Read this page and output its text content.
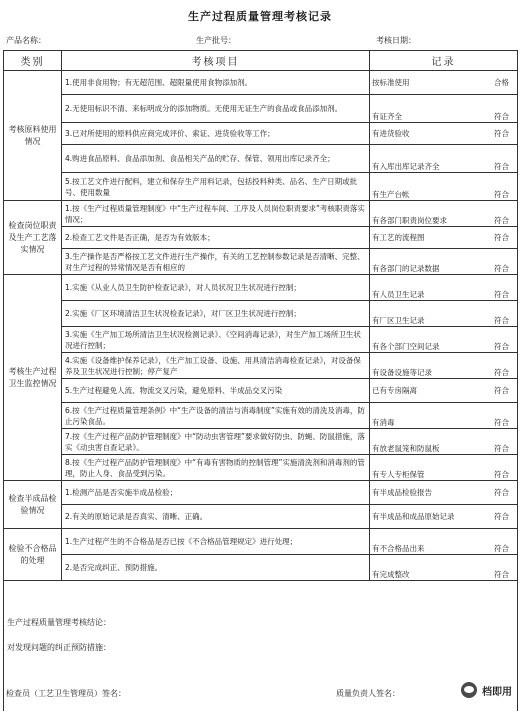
生产过程质量管理考核记录
产品名称：	生产批号：	考核日期：
类别	考核项目	记录
考核原料使用情况	1.使用非食用物；有无超范围、超限量使用食物添加剂。	按标准使用 合格

	2.无使用标识不清、来标明成分的添加物质。无使用无证生产的食品或食品添加剂。	有证齐全 符合

	3.已对所使用的原料供应商完成评价、索证、进货验收等工作；	有进货验收 符合

	4.购进食品原料、食品添加剂、食品相关产品的贮存、保管、领用出库记录齐全；	有入库出库记录齐全 符合

	5.按工艺文件进行配料，建立和保存生产用料记录，包括投料种类、品名、生产日期或批号、使用数量	有生产台帐 符合

检查岗位职责及生产工艺落实情况	1.按《生产过程质量管理制度》中“生产过程车间、工序及人员岗位职责要求”考核职责落实情况；	有各部门职责岗位要求 符合

	2.检查工艺文件是否正确，是否为有效版本；	有工艺的流程图 符合

	3.生产操作是否严格按工艺文件进行生产操作，有关的工艺控制参数记录是否清晰、完整、对生产过程的异常情况是否有相应的	有各部门的记录数据 符合

考核生产过程卫生监控情况	1.实施《从业人员卫生防护检查记录》，对人员状况卫生状况进行控制；	有人员卫生记录 符合

	2.实施《厂区环境清洁卫生状况检查记录》，对厂区卫生状况进行控制；	有厂区卫生记录 符合

	3.实施《生产加工场所清洁卫生状况检测记录》、《空间消毒记录》，对生产加工场所卫生状况进行控制；	有各个部门空间记录 符合

	4.实施《设备维护保养记录》，《生产加工设备、设施、用具清洁消毒检查记录》，对设备保养及卫生状况进行控制；停产复产	有设备设施等记录 符合

	5.生产过程避免人流、物流交叉污染，避免原料、半成品交叉污染	已有专房隔离 符合

	6.按《生产过程质量管理条例》中“生产设备的清洁与消毒制度”实施有效的清洗及消毒，防止污染食品。	有消毒 符合

	7.按《生产过程产品防护管理制度》中“防动虫害管理”要求做好防虫、防蝇、防鼠措施，落实《动虫害自查记录》。	有放老鼠笼和防鼠板 符合

	8.按《生产过程产品防护管理制度》中“有毒有害物质的控制管理”实施清洗剂和消毒剂的管理，防止人身、食品受到污染。	有专人专柜保管 符合

检查半成品检验情况	1.检测产品是否实施半成品检验；	有半成品检验报告 符合

	2.有关的原始记录是否真实、清晰、正确。	有半成品和成品原始记录 符合

检验不合格品的处理	1.生产过程产生的不合格品是否已按《不合格品管理规定》进行处理；	有不合格品出来 符合

	2.是否完成纠正、预防措施。	有完成整改 符合

生产过程质量管理考核结论：
对发现问题的纠正预防措施：		
检查员（工艺卫生管理员）签名：	质量负责人签名：	档即用
